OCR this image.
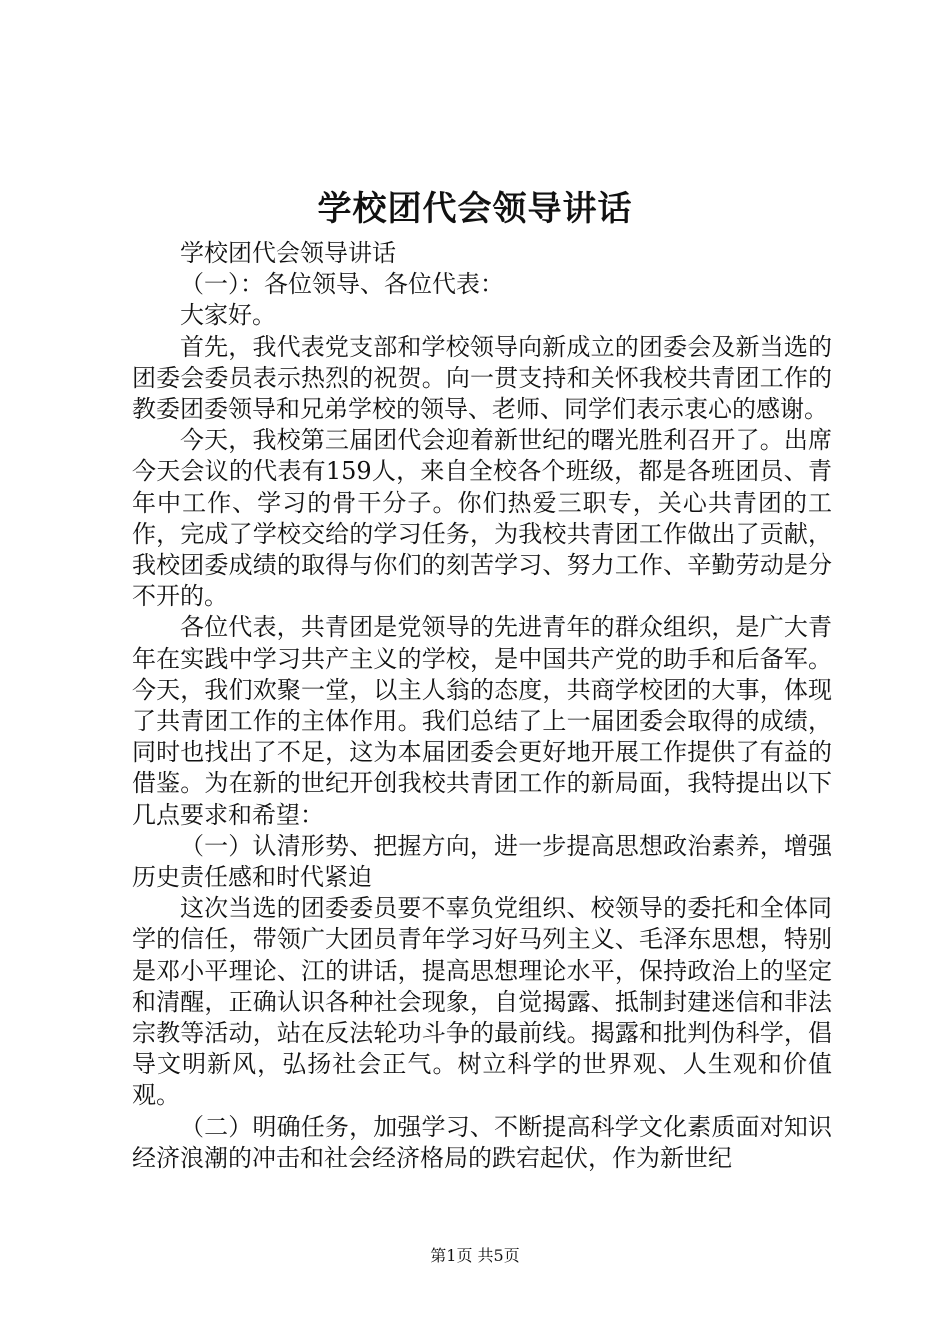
学校团代会领导讲话

学校团代会领导讲话

（一）：各位领导、各位代表：

大家好。

首先，我代表党支部和学校领导向新成立的团委会及新当选的团委会委员表示热烈的祝贺。向一贯支持和关怀我校共青团工作的教委团委领导和兄弟学校的领导、老师、同学们表示衷心的感谢。

今天，我校第三届团代会迎着新世纪的曙光胜利召开了。出席今天会议的代表有159人，来自全校各个班级，都是各班团员、青年中工作、学习的骨干分子。你们热爱三职专，关心共青团的工作，完成了学校交给的学习任务，为我校共青团工作做出了贡献，我校团委成绩的取得与你们的刻苦学习、努力工作、辛勤劳动是分不开的。

各位代表，共青团是党领导的先进青年的群众组织，是广大青年在实践中学习共产主义的学校，是中国共产党的助手和后备军。今天，我们欢聚一堂，以主人翁的态度，共商学校团的大事，体现了共青团工作的主体作用。我们总结了上一届团委会取得的成绩，同时也找出了不足，这为本届团委会更好地开展工作提供了有益的借鉴。为在新的世纪开创我校共青团工作的新局面，我特提出以下几点要求和希望：

（一）认清形势、把握方向，进一步提高思想政治素养，增强历史责任感和时代紧迫

这次当选的团委委员要不辜负党组织、校领导的委托和全体同学的信任，带领广大团员青年学习好马列主义、毛泽东思想，特别是邓小平理论、江的讲话，提高思想理论水平，保持政治上的坚定和清醒，正确认识各种社会现象，自觉揭露、抵制封建迷信和非法宗教等活动，站在反法轮功斗争的最前线。揭露和批判伪科学，倡导文明新风，弘扬社会正气。树立科学的世界观、人生观和价值观。

（二）明确任务，加强学习、不断提高科学文化素质面对知识经济浪潮的冲击和社会经济格局的跌宕起伏，作为新世纪

第1页 共5页
